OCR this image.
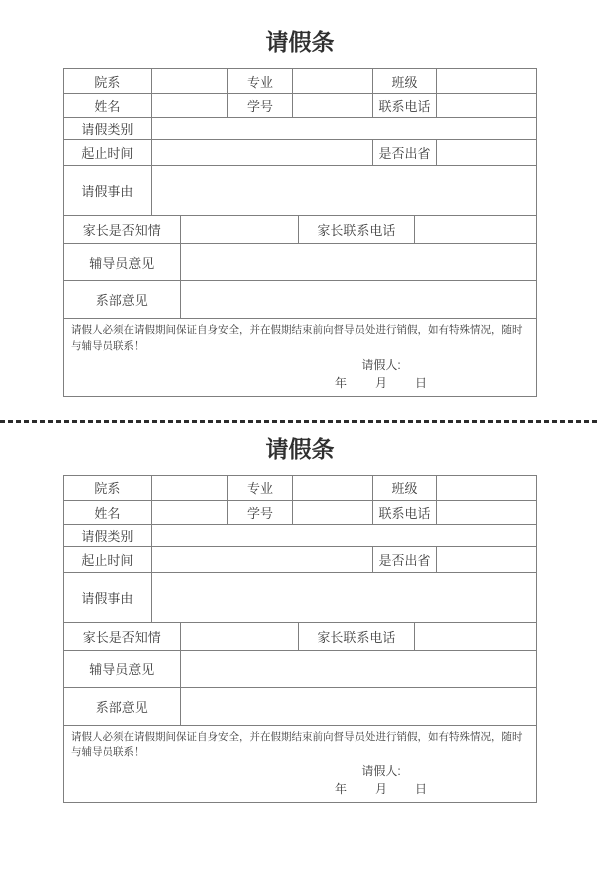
请假条
院系	专业	班级
姓名	学号	联系电话
请假类别
起止时间	是否出省
请假事由
家长是否知情	家长联系电话
辅导员意见
系部意见
请假人必须在请假期间保证自身安全，并在假期结束前向督导员处进行销假，如有特殊情况，随时与辅导员联系！
请假人:
年 月 日
请假条
院系	专业	班级
姓名	学号	联系电话
请假类别
起止时间	是否出省
请假事由
家长是否知情	家长联系电话
辅导员意见
系部意见
请假人必须在请假期间保证自身安全，并在假期结束前向督导员处进行销假，如有特殊情况，随时与辅导员联系！
请假人:
年 月 日
